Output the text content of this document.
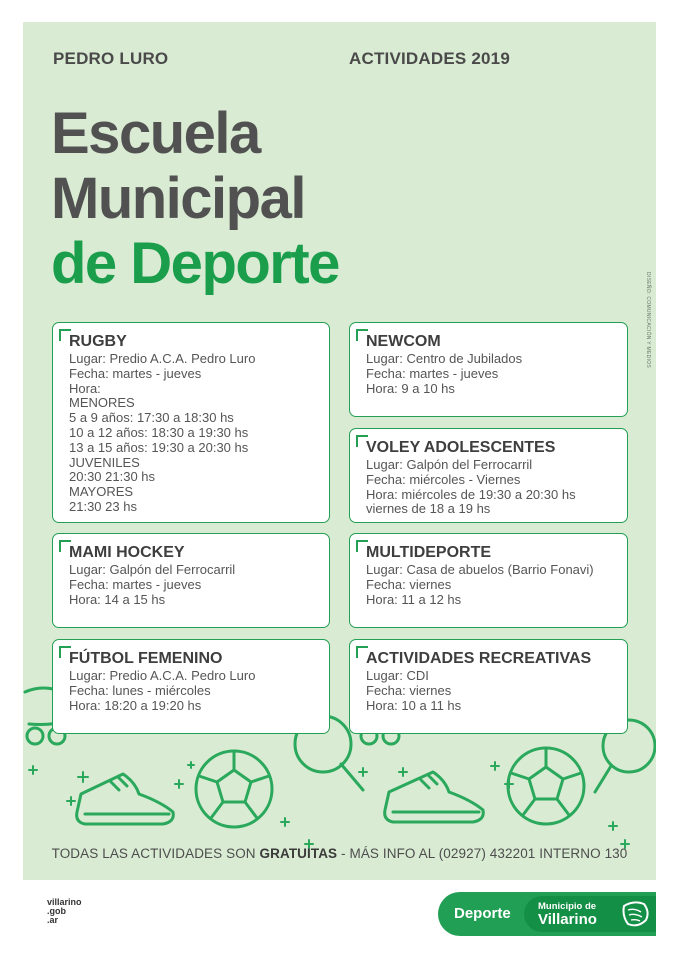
PEDRO LURO	ACTIVIDADES 2019
Escuela
Municipal
de Deporte
DISEÑO: COMUNICACIÓN Y MEDIOS
RUGBY
Lugar: Predio A.C.A. Pedro Luro
Fecha: martes - jueves
Hora:
MENORES
5 a 9 años: 17:30 a 18:30 hs
10 a 12 años: 18:30 a 19:30 hs
13 a 15 años: 19:30 a 20:30 hs
JUVENILES
20:30 21:30 hs
MAYORES
21:30 23 hs
MAMI HOCKEY
Lugar: Galpón del Ferrocarril
Fecha: martes - jueves
Hora: 14 a 15 hs
FÚTBOL FEMENINO
Lugar: Predio A.C.A. Pedro Luro
Fecha: lunes - miércoles
Hora: 18:20 a 19:20 hs
NEWCOM
Lugar: Centro de Jubilados
Fecha: martes - jueves
Hora: 9 a 10 hs
VOLEY ADOLESCENTES
Lugar: Galpón del Ferrocarril
Fecha: miércoles - Viernes
Hora: miércoles de 19:30 a 20:30 hs
viernes de 18 a 19 hs
MULTIDEPORTE
Lugar: Casa de abuelos (Barrio Fonavi)
Fecha: viernes
Hora: 11 a 12 hs
ACTIVIDADES RECREATIVAS
Lugar: CDI
Fecha: viernes
Hora: 10 a 11 hs
TODAS LAS ACTIVIDADES SON GRATUITAS - MÁS INFO AL (02927) 432201 INTERNO 130
villarino
.gob
.ar	Deporte	Municipio de
Villarino
